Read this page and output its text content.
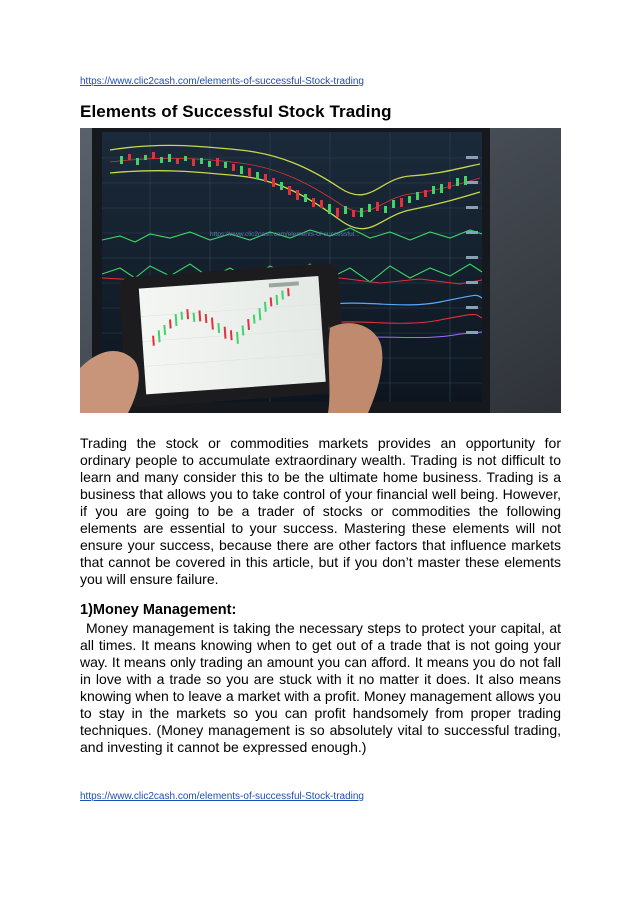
https://www.clic2cash.com/elements-of-successful-Stock-trading
Elements of Successful Stock Trading
https://www.clic2cash.com/elements-of-successful...

Trading the stock or commodities markets provides an opportunity for ordinary people to accumulate extraordinary wealth. Trading is not difficult to learn and many consider this to be the ultimate home business. Trading is a business that allows you to take control of your financial well being. However, if you are going to be a trader of stocks or commodities the following elements are essential to your success. Mastering these elements will not ensure your success, because there are other factors that influence markets that cannot be covered in this article, but if you don’t master these elements you will ensure failure.

1)Money Management:

Money management is taking the necessary steps to protect your capital, at all times. It means knowing when to get out of a trade that is not going your way. It means only trading an amount you can afford. It means you do not fall in love with a trade so you are stuck with it no matter it does. It also means knowing when to leave a market with a profit. Money management allows you to stay in the markets so you can profit handsomely from proper trading techniques. (Money management is so absolutely vital to successful trading, and investing it cannot be expressed enough.)

https://www.clic2cash.com/elements-of-successful-Stock-trading
